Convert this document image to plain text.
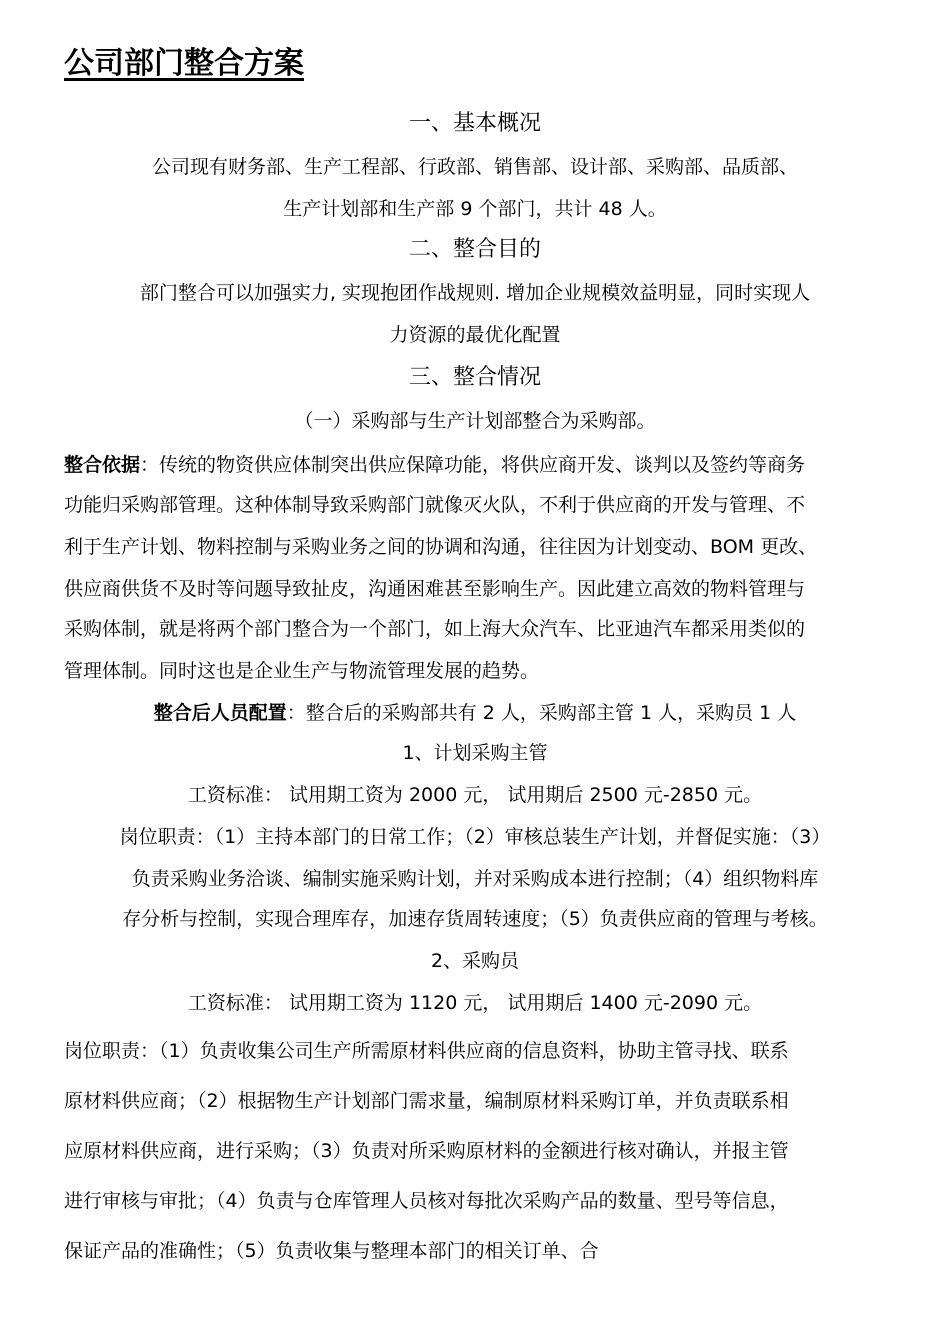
公司部门整合方案
一、基本概况
公司现有财务部、生产工程部、行政部、销售部、设计部、采购部、品质部、
生产计划部和生产部 9 个部门，共计 48 人。
二、整合目的
部门整合可以加强实力, 实现抱团作战规则. 增加企业规模效益明显，同时实现人
力资源的最优化配置
三、整合情况
（一）采购部与生产计划部整合为采购部。
整合依据：传统的物资供应体制突出供应保障功能，将供应商开发、谈判以及签约等商务
功能归采购部管理。这种体制导致采购部门就像灭火队，不利于供应商的开发与管理、不
利于生产计划、物料控制与采购业务之间的协调和沟通，往往因为计划变动、BOM 更改、
供应商供货不及时等问题导致扯皮，沟通困难甚至影响生产。因此建立高效的物料管理与
采购体制，就是将两个部门整合为一个部门，如上海大众汽车、比亚迪汽车都采用类似的
管理体制。同时这也是企业生产与物流管理发展的趋势。
整合后人员配置：整合后的采购部共有 2 人，采购部主管 1 人，采购员 1 人
1、计划采购主管
工资标准： 试用期工资为 2000 元， 试用期后 2500 元-2850 元。
岗位职责：（1）主持本部门的日常工作；（2）审核总装生产计划，并督促实施：（3）
负责采购业务洽谈、编制实施采购计划，并对采购成本进行控制；（4）组织物料库
存分析与控制，实现合理库存，加速存货周转速度；（5）负责供应商的管理与考核。
2、采购员
工资标准： 试用期工资为 1120 元， 试用期后 1400 元-2090 元。
岗位职责：（1）负责收集公司生产所需原材料供应商的信息资料，协助主管寻找、联系
原材料供应商；（2）根据物生产计划部门需求量，编制原材料采购订单，并负责联系相
应原材料供应商，进行采购；（3）负责对所采购原材料的金额进行核对确认，并报主管
进行审核与审批；（4）负责与仓库管理人员核对每批次采购产品的数量、型号等信息，
保证产品的准确性；（5）负责收集与整理本部门的相关订单、合
